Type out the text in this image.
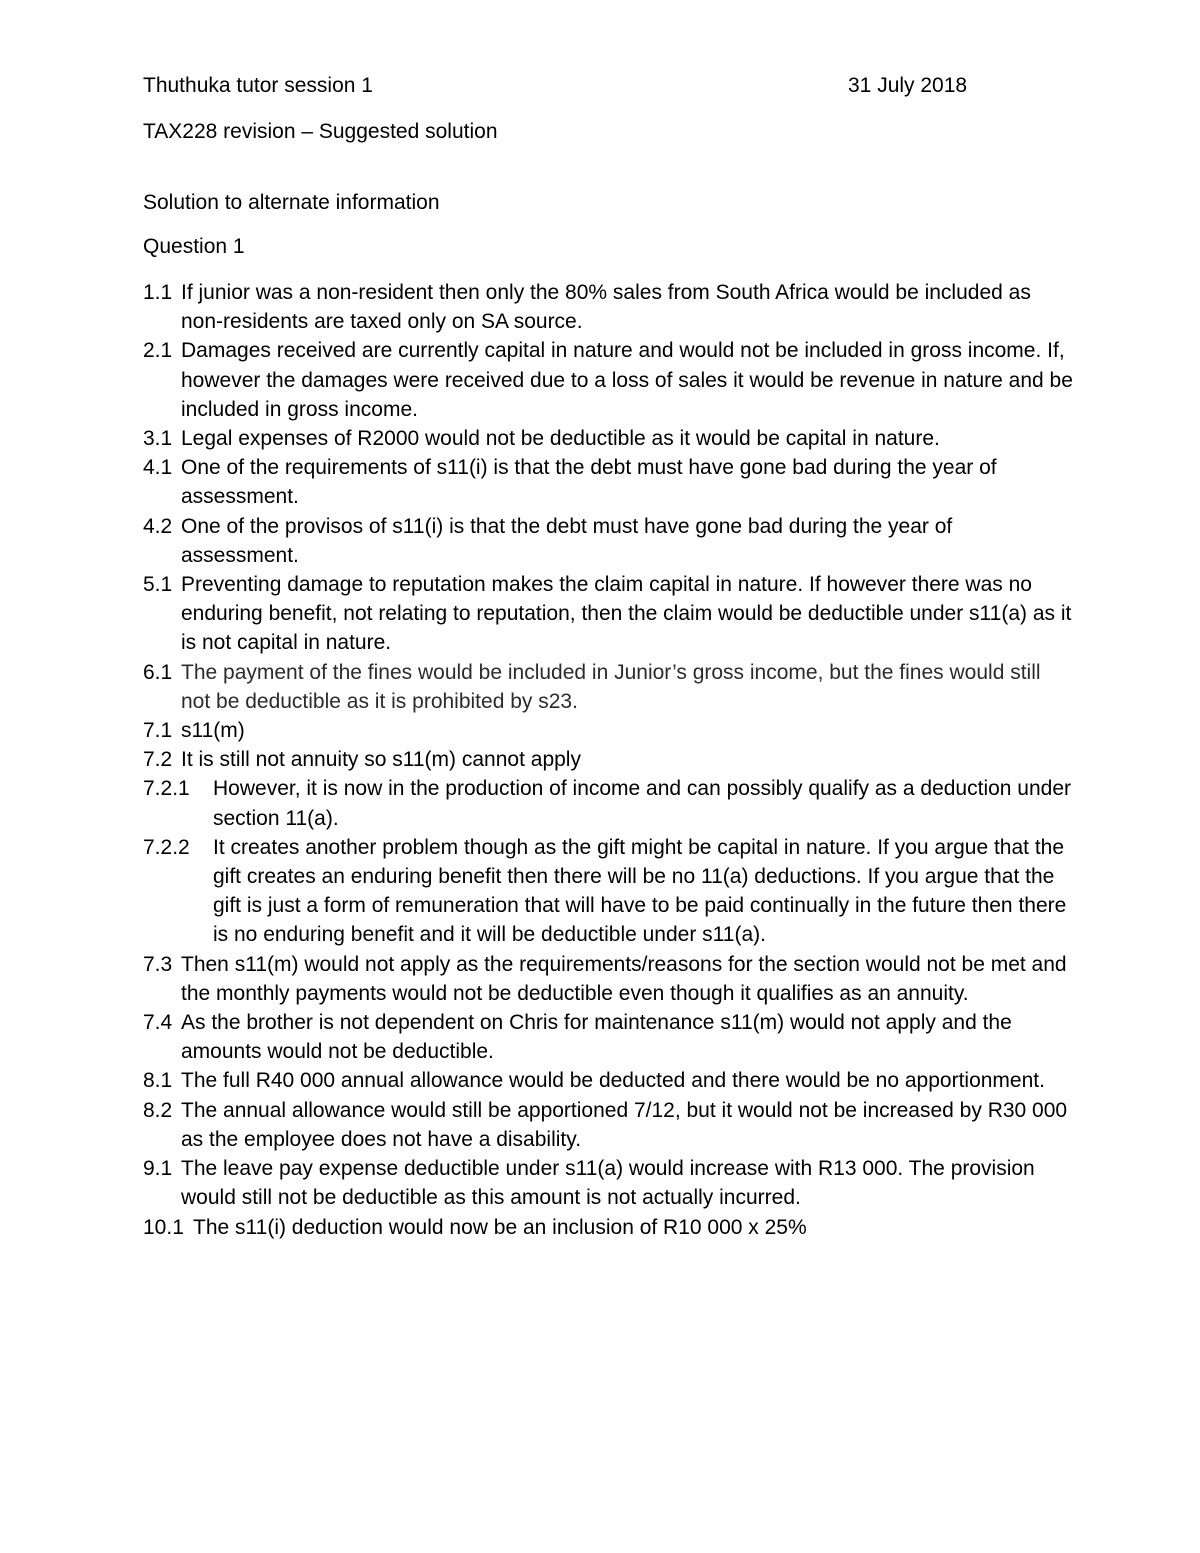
Thuthuka tutor session 1	31 July 2018
TAX228 revision – Suggested solution
Solution to alternate information
Question 1
1.1 If junior was a non-resident then only the 80% sales from South Africa would be included as non-residents are taxed only on SA source.
2.1 Damages received are currently capital in nature and would not be included in gross income. If, however the damages were received due to a loss of sales it would be revenue in nature and be included in gross income.
3.1 Legal expenses of R2000 would not be deductible as it would be capital in nature.
4.1 One of the requirements of s11(i) is that the debt must have gone bad during the year of assessment.
4.2 One of the provisos of s11(i) is that the debt must have gone bad during the year of assessment.
5.1 Preventing damage to reputation makes the claim capital in nature. If however there was no enduring benefit, not relating to reputation, then the claim would be deductible under s11(a) as it is not capital in nature.
6.1 The payment of the fines would be included in Junior’s gross income, but the fines would still not be deductible as it is prohibited by s23.
7.1 s11(m)
7.2 It is still not annuity so s11(m) cannot apply
7.2.1	However, it is now in the production of income and can possibly qualify as a deduction under section 11(a).
7.2.2	It creates another problem though as the gift might be capital in nature. If you argue that the gift creates an enduring benefit then there will be no 11(a) deductions. If you argue that the gift is just a form of remuneration that will have to be paid continually in the future then there is no enduring benefit and it will be deductible under s11(a).
7.3 Then s11(m) would not apply as the requirements/reasons for the section would not be met and the monthly payments would not be deductible even though it qualifies as an annuity.
7.4 As the brother is not dependent on Chris for maintenance s11(m) would not apply and the amounts would not be deductible.
8.1 The full R40 000 annual allowance would be deducted and there would be no apportionment.
8.2 The annual allowance would still be apportioned 7/12, but it would not be increased by R30 000 as the employee does not have a disability.
9.1 The leave pay expense deductible under s11(a) would increase with R13 000. The provision would still not be deductible as this amount is not actually incurred.
10.1 The s11(i) deduction would now be an inclusion of R10 000 x 25%
